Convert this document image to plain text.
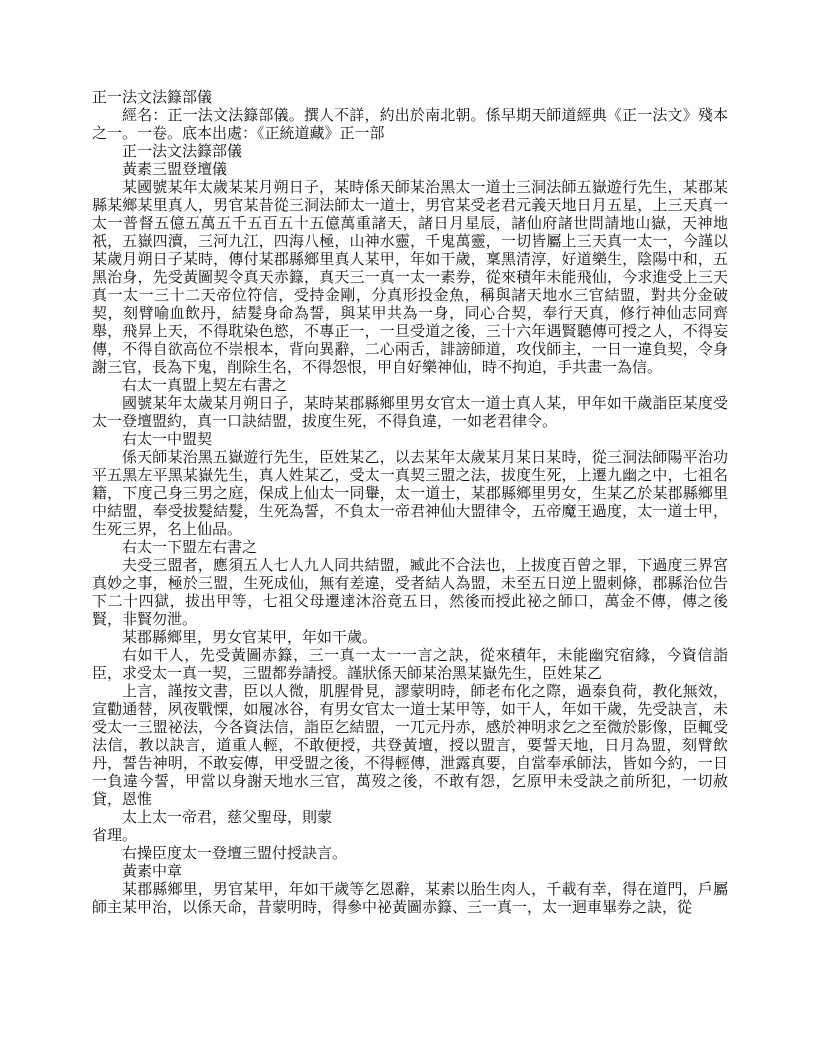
正一法文法籙部儀

經名：正一法文法籙部儀。撰人不詳，約出於南北朝。係早期天師道經典《正一法文》殘本之一。一卷。底本出處：《正統道藏》正一部

正一法文法籙部儀

黃素三盟登壇儀

某國號某年太歲某某月朔日子，某時係天師某治黑太一道士三洞法師五嶽遊行先生，某郡某縣某鄉某里真人，男官某昔從三洞法師太一道士，男官某受老君元義天地日月五星，上三天真一太一普督五億五萬五千五百五十五億萬重諸天，諸日月星辰，諸仙府諸世問請地山嶽，天神地祇，五嶽四瀆，三河九江，四海八極，山神水靈，千鬼萬靈，一切皆屬上三天真一太一，今謹以某歲月朔日子某時，傳付某郡縣鄉里真人某甲，年如干歲，稟黑清淳，好道樂生，陰陽中和，五黑治身，先受黃圖契令真天赤籙，真天三一真一太一素券，從來積年未能飛仙，今求進受上三天真一太一三十二天帝位符信，受持金剛，分真形投金魚，稱與諸天地水三官結盟，對共分金破契，刻臂喻血飲丹，結髮身命為誓，與某甲共為一身，同心合契，奉行天真，修行神仙志同齊舉，飛昇上天，不得耽染色慾，不專正一，一旦受道之後，三十六年遇賢聽傳可授之人，不得妄傳，不得自欲高位不崇根本，背向異辭，二心兩舌，誹謗師道，攻伐師主，一日一違負契，令身謝三官，長為下鬼，削除生名，不得怨恨，甲自好樂神仙，時不拘迫，手共畫一為信。

右太一真盟上契左右書之

國號某年太歲某月朔日子，某時某郡縣鄉里男女官太一道士真人某，甲年如干歲詣臣某度受太一登壇盟約，真一口訣結盟，拔度生死，不得負違，一如老君律令。

右太一中盟契

係天師某治黑五嶽遊行先生，臣姓某乙，以去某年太歲某月某日某時，從三洞法師陽平治功平五黑左平黑某嶽先生，真人姓某乙，受太一真契三盟之法，拔度生死，上遷九幽之中，七祖名籍，下度己身三男之庭，保成上仙太一同轝，太一道士，某郡縣鄉里男女，生某乙於某郡縣鄉里中結盟，奉受拔髮結髮，生死為誓，不負太一帝君神仙大盟律令，五帝魔王過度，太一道士甲，生死三界，名上仙品。

右太一下盟左右書之

夫受三盟者，應須五人七人九人同共結盟，臧此不合法也，上拔度百曾之罪，下過度三界宮真妙之事，極於三盟，生死成仙，無有差違，受者結人為盟，未至五日逆上盟刺條，郡縣治位告下二十四獄，拔出甲等，七祖父母遷達沐浴竟五日，然後而授此祕之師口，萬金不傳，傳之後賢，非賢勿泄。

某郡縣鄉里，男女官某甲，年如干歲。

右如干人，先受黃圖赤籙，三一真一太一一言之訣，從來積年，未能幽究宿緣，今資信詣臣，求受太一真一契，三盟都券請授。謹狀係天師某治黑某嶽先生，臣姓某乙

上言，謹按文書，臣以人微，肌腥骨見，謬蒙明時，師老布化之際，過泰負荷，教化無效，宣勸通替，夙夜戰慄，如履冰谷，有男女官太一道士某甲等，如干人，年如干歲，先受訣言，未受太一三盟祕法，今各資法信，詣臣乞結盟，一兀元丹赤，感於神明求乞之至微於影像，臣輒受法信，教以訣言，道重人輕，不敢便授，共登黃壇，授以盟言，要誓天地，日月為盟，刻臂飲丹，誓告神明，不敢妄傳，甲受盟之後，不得輕傳，泄露真要，自當奉承師法，皆如今約，一日一負違今誓，甲當以身謝天地水三官，萬歿之後，不敢有怨，乞原甲未受訣之前所犯，一切赦貸，恩惟

太上太一帝君，慈父聖母，則蒙

省理。

右操臣度太一登壇三盟付授訣言。

黃素中章

某郡縣鄉里，男官某甲，年如干歲等乞恩辭，某素以胎生肉人，千載有幸，得在道門，戶屬師主某甲治，以係天命，昔蒙明時，得參中祕黃圖赤籙、三一真一，太一迴車畢券之訣，從
